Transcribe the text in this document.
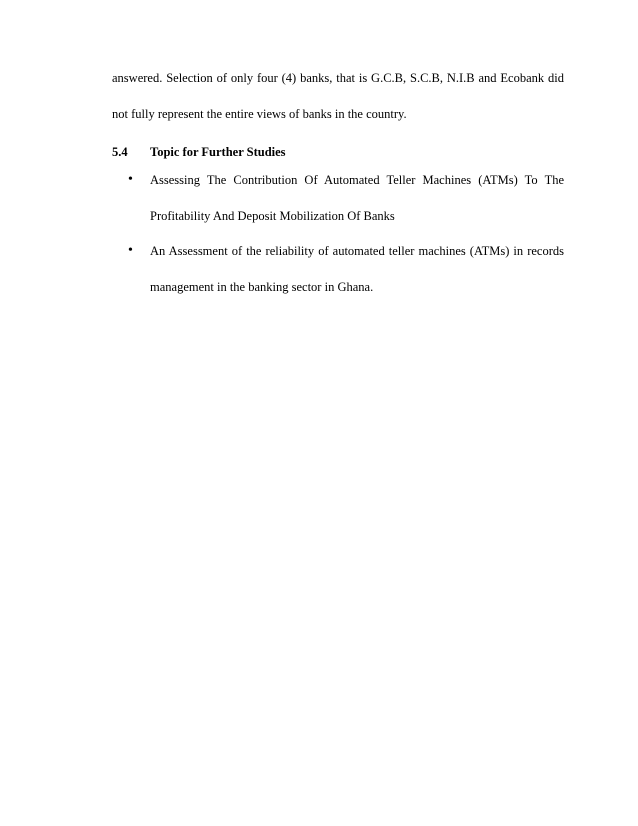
answered. Selection of only four (4) banks, that is G.C.B, S.C.B, N.I.B and Ecobank did
not fully represent the entire views of banks in the country.
5.4 Topic for Further Studies
•	Assessing The Contribution Of Automated Teller Machines (ATMs) To The
Profitability And Deposit Mobilization Of Banks
•	An Assessment of the reliability of automated teller machines (ATMs) in records
management in the banking sector in Ghana.
